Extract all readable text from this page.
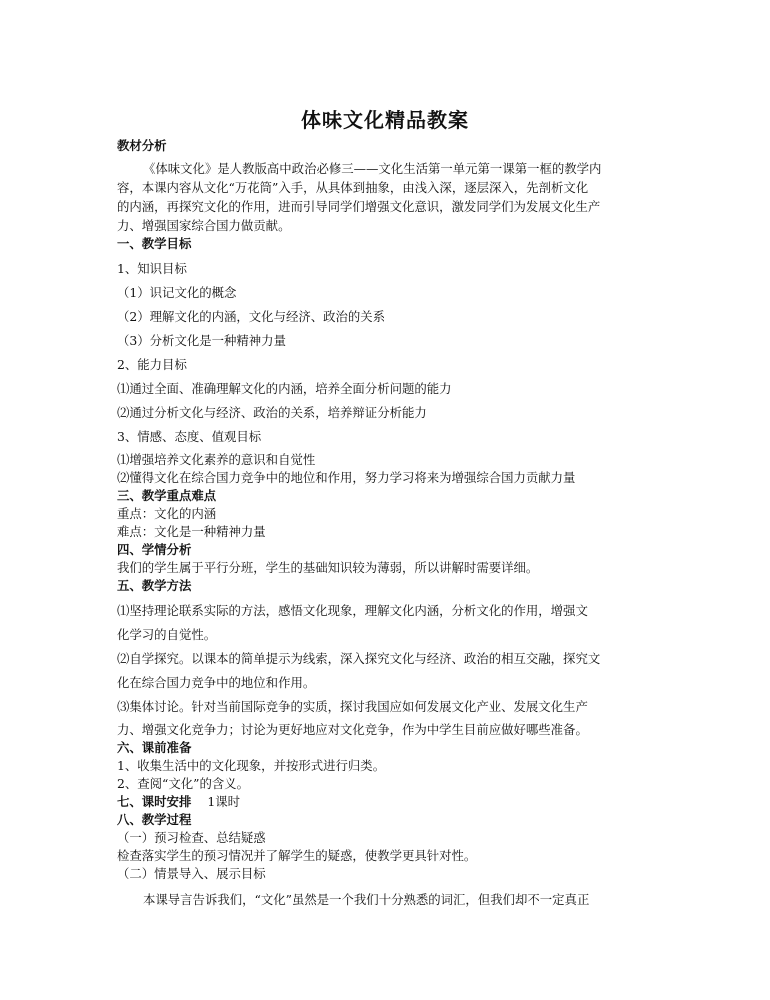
体味文化精品教案
教材分析
《体味文化》是人教版高中政治必修三——文化生活第一单元第一课第一框的教学内
容，本课内容从文化“万花筒”入手，从具体到抽象，由浅入深，逐层深入，先剖析文化
的内涵，再探究文化的作用，进而引导同学们增强文化意识，激发同学们为发展文化生产
力、增强国家综合国力做贡献。
一、教学目标
1、知识目标
（1）识记文化的概念
（2）理解文化的内涵，文化与经济、政治的关系
（3）分析文化是一种精神力量
2、能力目标
⑴通过全面、准确理解文化的内涵，培养全面分析问题的能力
⑵通过分析文化与经济、政治的关系，培养辩证分析能力
3、情感、态度、值观目标
⑴增强培养文化素养的意识和自觉性
⑵懂得文化在综合国力竞争中的地位和作用，努力学习将来为增强综合国力贡献力量
三、教学重点难点
重点：文化的内涵
难点：文化是一种精神力量
四、学情分析
我们的学生属于平行分班，学生的基础知识较为薄弱，所以讲解时需要详细。
五、教学方法
⑴坚持理论联系实际的方法，感悟文化现象，理解文化内涵，分析文化的作用，增强文
化学习的自觉性。
⑵自学探究。以课本的简单提示为线索，深入探究文化与经济、政治的相互交融，探究文
化在综合国力竞争中的地位和作用。
⑶集体讨论。针对当前国际竞争的实质，探讨我国应如何发展文化产业、发展文化生产
力、增强文化竞争力；讨论为更好地应对文化竞争，作为中学生目前应做好哪些准备。
六、课前准备
1、收集生活中的文化现象，并按形式进行归类。
2、查阅“文化”的含义。
七、课时安排 1课时
八、教学过程
（一）预习检查、总结疑惑
检查落实学生的预习情况并了解学生的疑惑，使教学更具针对性。
（二）情景导入、展示目标
本课导言告诉我们，“文化”虽然是一个我们十分熟悉的词汇，但我们却不一定真正
